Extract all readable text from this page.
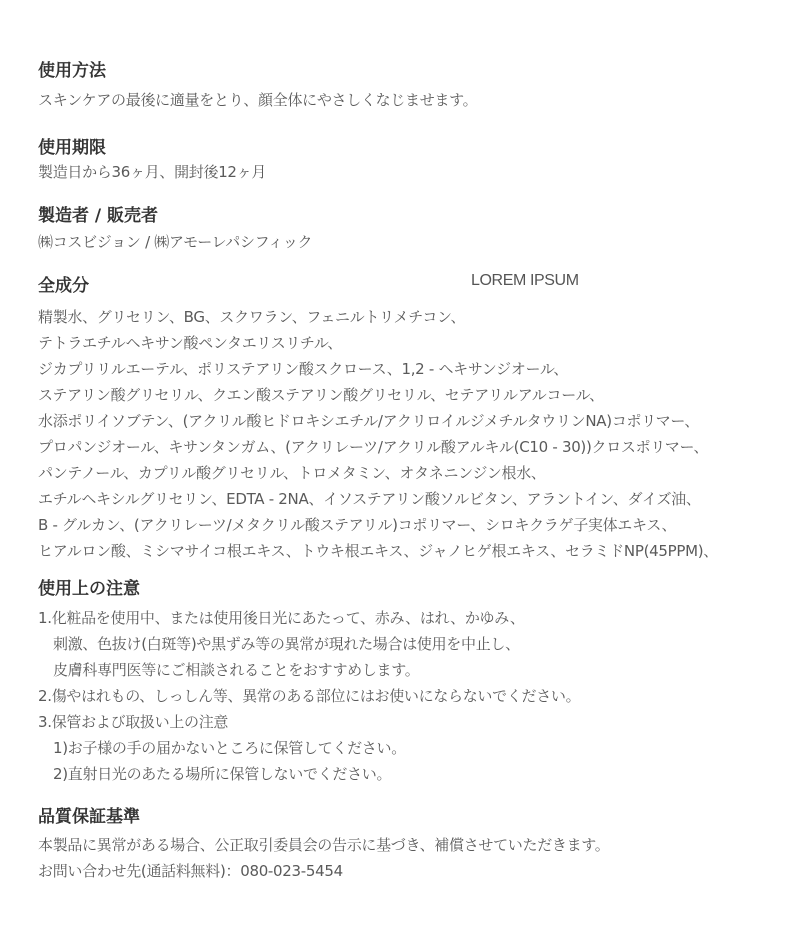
使用方法
スキンケアの最後に適量をとり、顔全体にやさしくなじませます。
使用期限
製造日から36ヶ月、開封後12ヶ月
製造者 / 販売者
㈱コスビジョン / ㈱アモーレパシフィック
全成分
精製水、グリセリン、BG、スクワラン、フェニルトリメチコン、
テトラエチルヘキサン酸ペンタエリスリチル、
ジカプリリルエーテル、ポリステアリン酸スクロース、1,2 - ヘキサンジオール、
ステアリン酸グリセリル、クエン酸ステアリン酸グリセリル、セテアリルアルコール、
水添ポリイソブテン、(アクリル酸ヒドロキシエチル/アクリロイルジメチルタウリンNA)コポリマー、
プロパンジオール、キサンタンガム、(アクリレーツ/アクリル酸アルキル(C10 - 30))クロスポリマー、
パンテノール、カプリル酸グリセリル、トロメタミン、オタネニンジン根水、
エチルヘキシルグリセリン、EDTA - 2NA、イソステアリン酸ソルビタン、アラントイン、ダイズ油、
B - グルカン、(アクリレーツ/メタクリル酸ステアリル)コポリマー、シロキクラゲ子実体エキス、
ヒアルロン酸、ミシマサイコ根エキス、トウキ根エキス、ジャノヒゲ根エキス、セラミドNP(45PPM)、
LOREM IPSUM
使用上の注意
1.化粧品を使用中、または使用後日光にあたって、赤み、はれ、かゆみ、
刺激、色抜け(白斑等)や黒ずみ等の異常が現れた場合は使用を中止し、
皮膚科専門医等にご相談されることをおすすめします。
2.傷やはれもの、しっしん等、異常のある部位にはお使いにならないでください。
3.保管および取扱い上の注意
1)お子様の手の届かないところに保管してください。
2)直射日光のあたる場所に保管しないでください。
品質保証基準
本製品に異常がある場合、公正取引委員会の告示に基づき、補償させていただきます。
お問い合わせ先(通話料無料)：080-023-5454
